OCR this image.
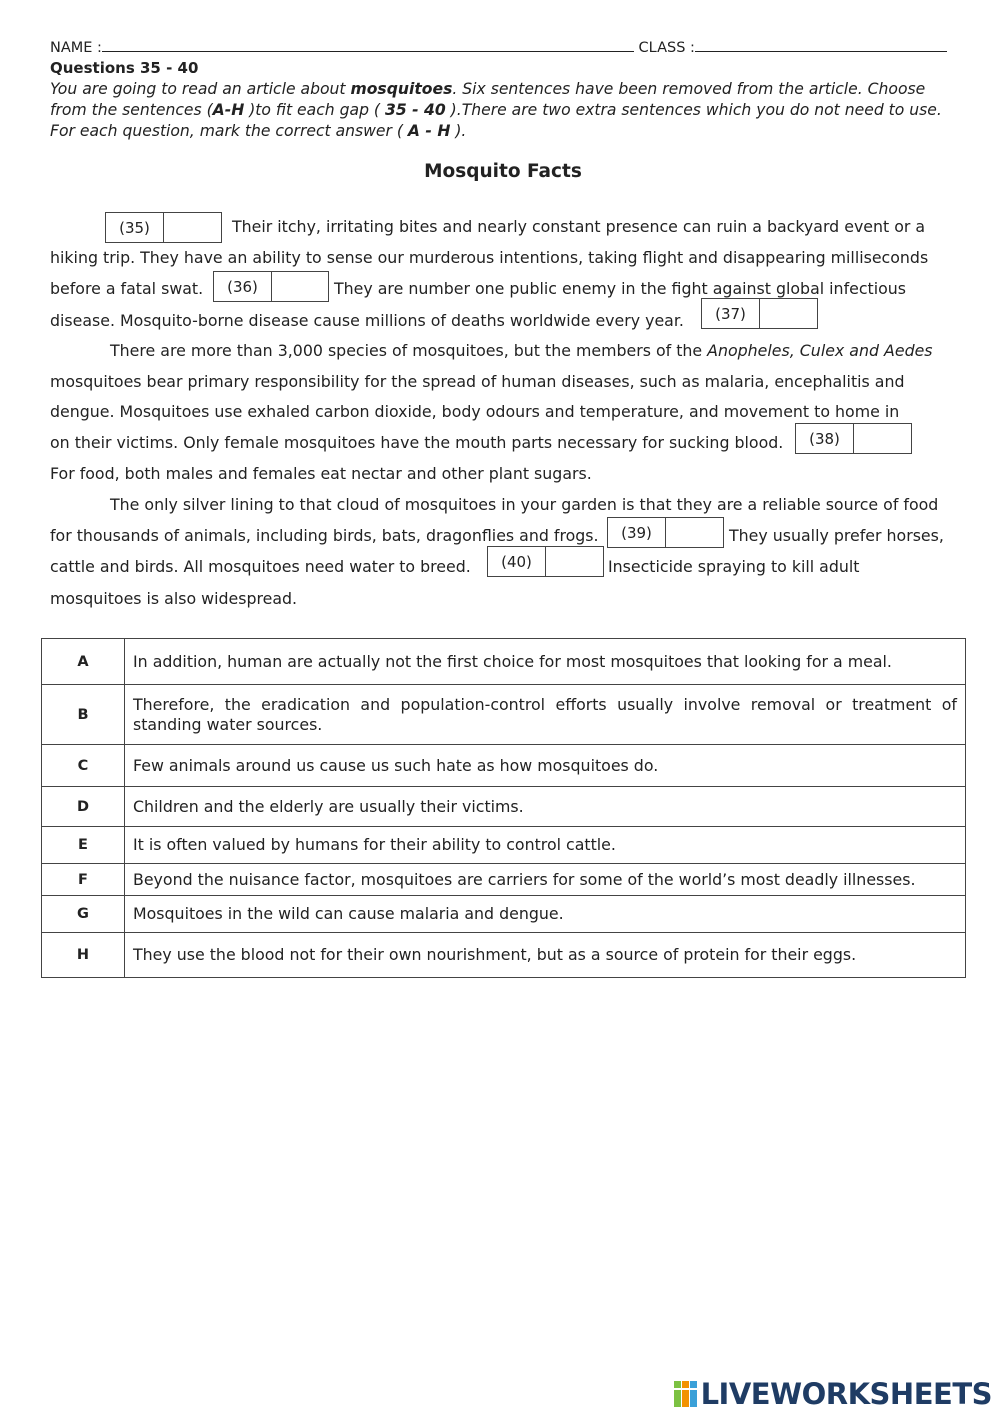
NAME :	CLASS :
Questions 35 - 40
You are going to read an article about mosquitoes. Six sentences have been removed from the article. Choose from the sentences (A-H )to fit each gap ( 35 - 40 ).There are two extra sentences which you do not need to use. For each question, mark the correct answer ( A - H ).
Mosquito Facts
Their itchy, irritating bites and nearly constant presence can ruin a backyard event or a
hiking trip. They have an ability to sense our murderous intentions, taking flight and disappearing milliseconds
before a fatal swat.	They are number one public enemy in the fight against global infectious
disease. Mosquito-borne disease cause millions of deaths worldwide every year.
There are more than 3,000 species of mosquitoes, but the members of the Anopheles, Culex and Aedes
mosquitoes bear primary responsibility for the spread of human diseases, such as malaria, encephalitis and
dengue. Mosquitoes use exhaled carbon dioxide, body odours and temperature, and movement to home in
on their victims. Only female mosquitoes have the mouth parts necessary for sucking blood.
For food, both males and females eat nectar and other plant sugars.
The only silver lining to that cloud of mosquitoes in your garden is that they are a reliable source of food
for thousands of animals, including birds, bats, dragonflies and frogs.	They usually prefer horses,
cattle and birds. All mosquitoes need water to breed.	Insecticide spraying to kill adult
mosquitoes is also widespread.
(35)
(36)
(37)
(38)
(39)
(40)
A	In addition, human are actually not the first choice for most mosquitoes that looking for a meal.
B	Therefore, the eradication and population-control efforts usually involve removal or treatment of standing water sources.
C	Few animals around us cause us such hate as how mosquitoes do.
D	Children and the elderly are usually their victims.
E	It is often valued by humans for their ability to control cattle.
F	Beyond the nuisance factor, mosquitoes are carriers for some of the world’s most deadly illnesses.
G	Mosquitoes in the wild can cause malaria and dengue.
H	They use the blood not for their own nourishment, but as a source of protein for their eggs.
LIVEWORKSHEETS
